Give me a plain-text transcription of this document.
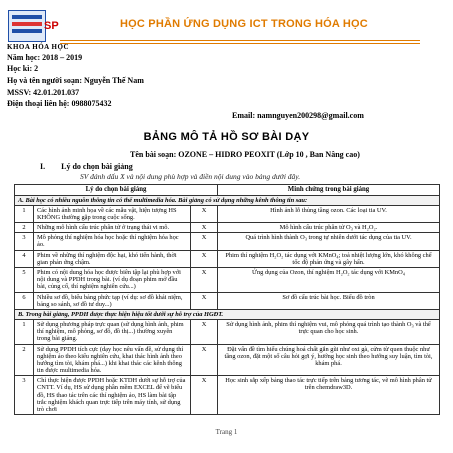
SP
KHOA HÓA HỌC
HỌC PHẦN ỨNG DỤNG ICT TRONG HÓA HỌC
Năm học: 2018 – 2019
Học kì: 2
Họ và tên người soạn: Nguyễn Thế Nam
MSSV: 42.01.201.037
Điện thoại liên hệ: 0988075432
Email: namnguyen200298@gmail.com
BẢNG MÔ TẢ HỒ SƠ BÀI DẠY
Tên bài soạn: OZONE – HIDRO PEOXIT (Lớp 10 , Ban Nâng cao)
I. Lý do chọn bài giảng
SV đánh dấu X và nội dung phù hợp và điền nội dung vào bảng dưới đây.
Lý do chọn bài giảng			Minh chứng trong bài giảng
A. Bài học có nhiều nguồn thông tin có thể multimedia hóa. Bài giảng có sử dụng những kênh thông tin sau:			
1	Các hình ảnh minh họa về các mẫu vật, hiện tượng HS KHÔNG thường gặp trong cuộc sống.	X	Hình ảnh lỗ thủng tầng ozon. Các loại tia UV.
2	Những mô hình cấu trúc phân tử ở trạng thái vi mô.	X	Mô hình cấu trúc phân tử O₃ và H₂O₂.
3	Mô phỏng thí nghiệm hóa học hoặc thí nghiệm hóa học ảo.	X	Quá trình hình thành O₃ trong tự nhiên dưới tác dụng của tia UV.
4	Phim về những thí nghiệm độc hại, khó tiến hành, thời gian phản ứng chậm.	X	Phim thí nghiệm H₂O₂ tác dụng với KMnO₄; toả nhiệt lượng lớn, khó không chế tốc độ phản ứng và gây hấn.
5	Phim có nội dung hóa học được biên tập lại phù hợp với nội dung và PPDH trong bài. (ví dụ đoạn phim mở đầu bài, củng cố, thí nghiệm nghiên cứu...)	X	Ứng dụng của Ozon, thí nghiệm H₂O₂ tác dụng với KMnO₄
6	Nhiều sơ đồ, biểu bảng phức tạp (ví dụ: sơ đồ khái niệm, bảng so sánh, sơ đồ tư duy...)	X	Sơ đồ cấu trúc bài học. Biểu đồ tròn
B. Trong bài giảng, PPDH được thực hiện hiệu tốt dưới sự hỗ trợ của HGĐT.			
1	Sử dụng phương pháp trực quan (sử dụng hình ảnh, phim thí nghiệm, mô phỏng, sơ đồ, đồ thị...) thường xuyên trong bài giảng.	X	Sử dụng hình ảnh, phim thí nghiệm vui, mô phỏng quá trình tạo thành O₃ và thể trực quan cho học sinh.
2	Sử dụng PPDH tích cực (dạy học nêu vấn đề, sử dụng thí nghiệm ảo theo kiểu nghiên cứu, khai thác hình ảnh theo hướng tìm tòi, khám phá...) khi khai thác các kênh thông tin được multimedia hóa.	X	Đặt vấn đề tìm hiểu chúng hoá chất gắn gũi như oxi gà, cửm từ quen thuộc như tầng ozon, đặt một số câu hỏi gợi ý, hướng học sinh theo hướng suy luận, tìm tòi, khám phá.
3	Chỉ thực hiện được PPDH hoặc KTDH dưới sự hỗ trợ của CNTT. Ví dụ, HS sử dụng phần mềm EXCEL để vẽ biểu đồ, HS thao tác trên các thí nghiệm ảo, HS làm bài tập trắc nghiệm khách quan trực tiếp trên máy tính, sử dụng trò chơi	X	Học sinh sắp xếp bảng thao tác trực tiếp trên bảng tương tác, vẽ mô hình phân tử trên chemdraw3D.
Trang 1
